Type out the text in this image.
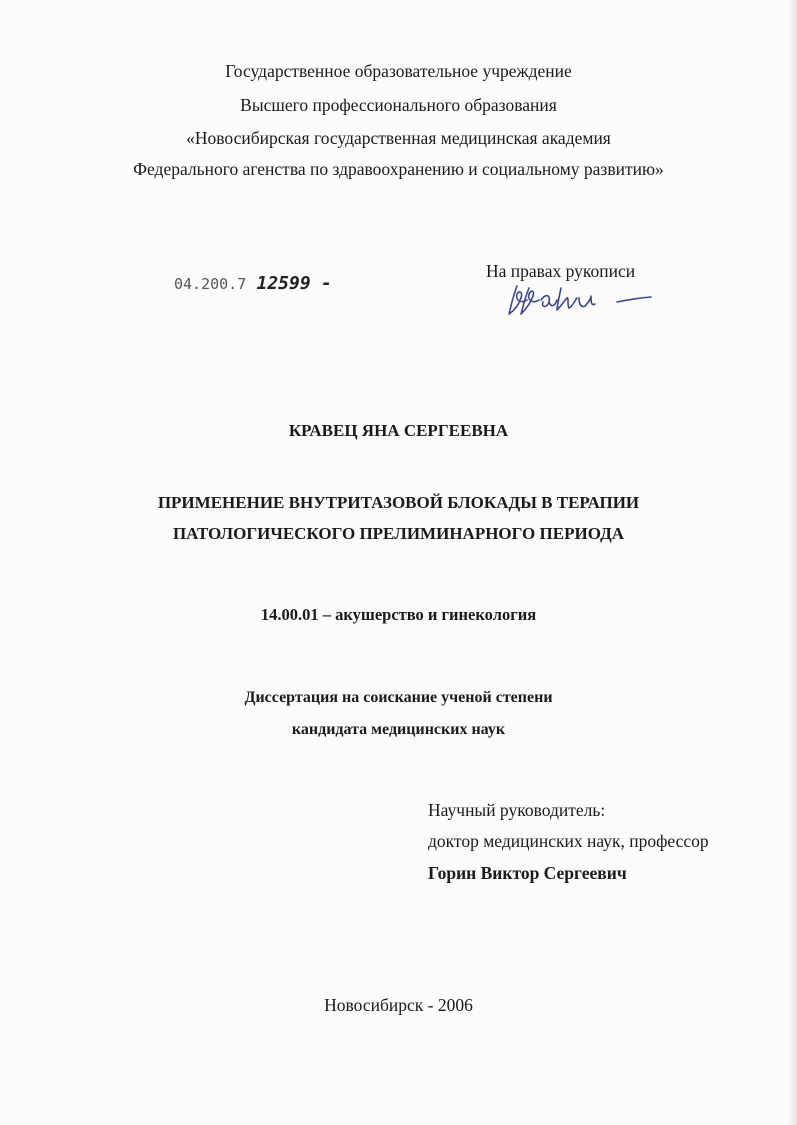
Государственное образовательное учреждение
Высшего профессионального образования
«Новосибирская государственная медицинская академия
Федерального агенства по здравоохранению и социальному развитию»
04.200.7 12599 -
На правах рукописи
КРАВЕЦ ЯНА СЕРГЕЕВНА
ПРИМЕНЕНИЕ ВНУТРИТАЗОВОЙ БЛОКАДЫ В ТЕРАПИИ
ПАТОЛОГИЧЕСКОГО ПРЕЛИМИНАРНОГО ПЕРИОДА
14.00.01 – акушерство и гинекология
Диссертация на соискание ученой степени
кандидата медицинских наук
Научный руководитель:
доктор медицинских наук, профессор
Горин Виктор Сергеевич
Новосибирск - 2006
